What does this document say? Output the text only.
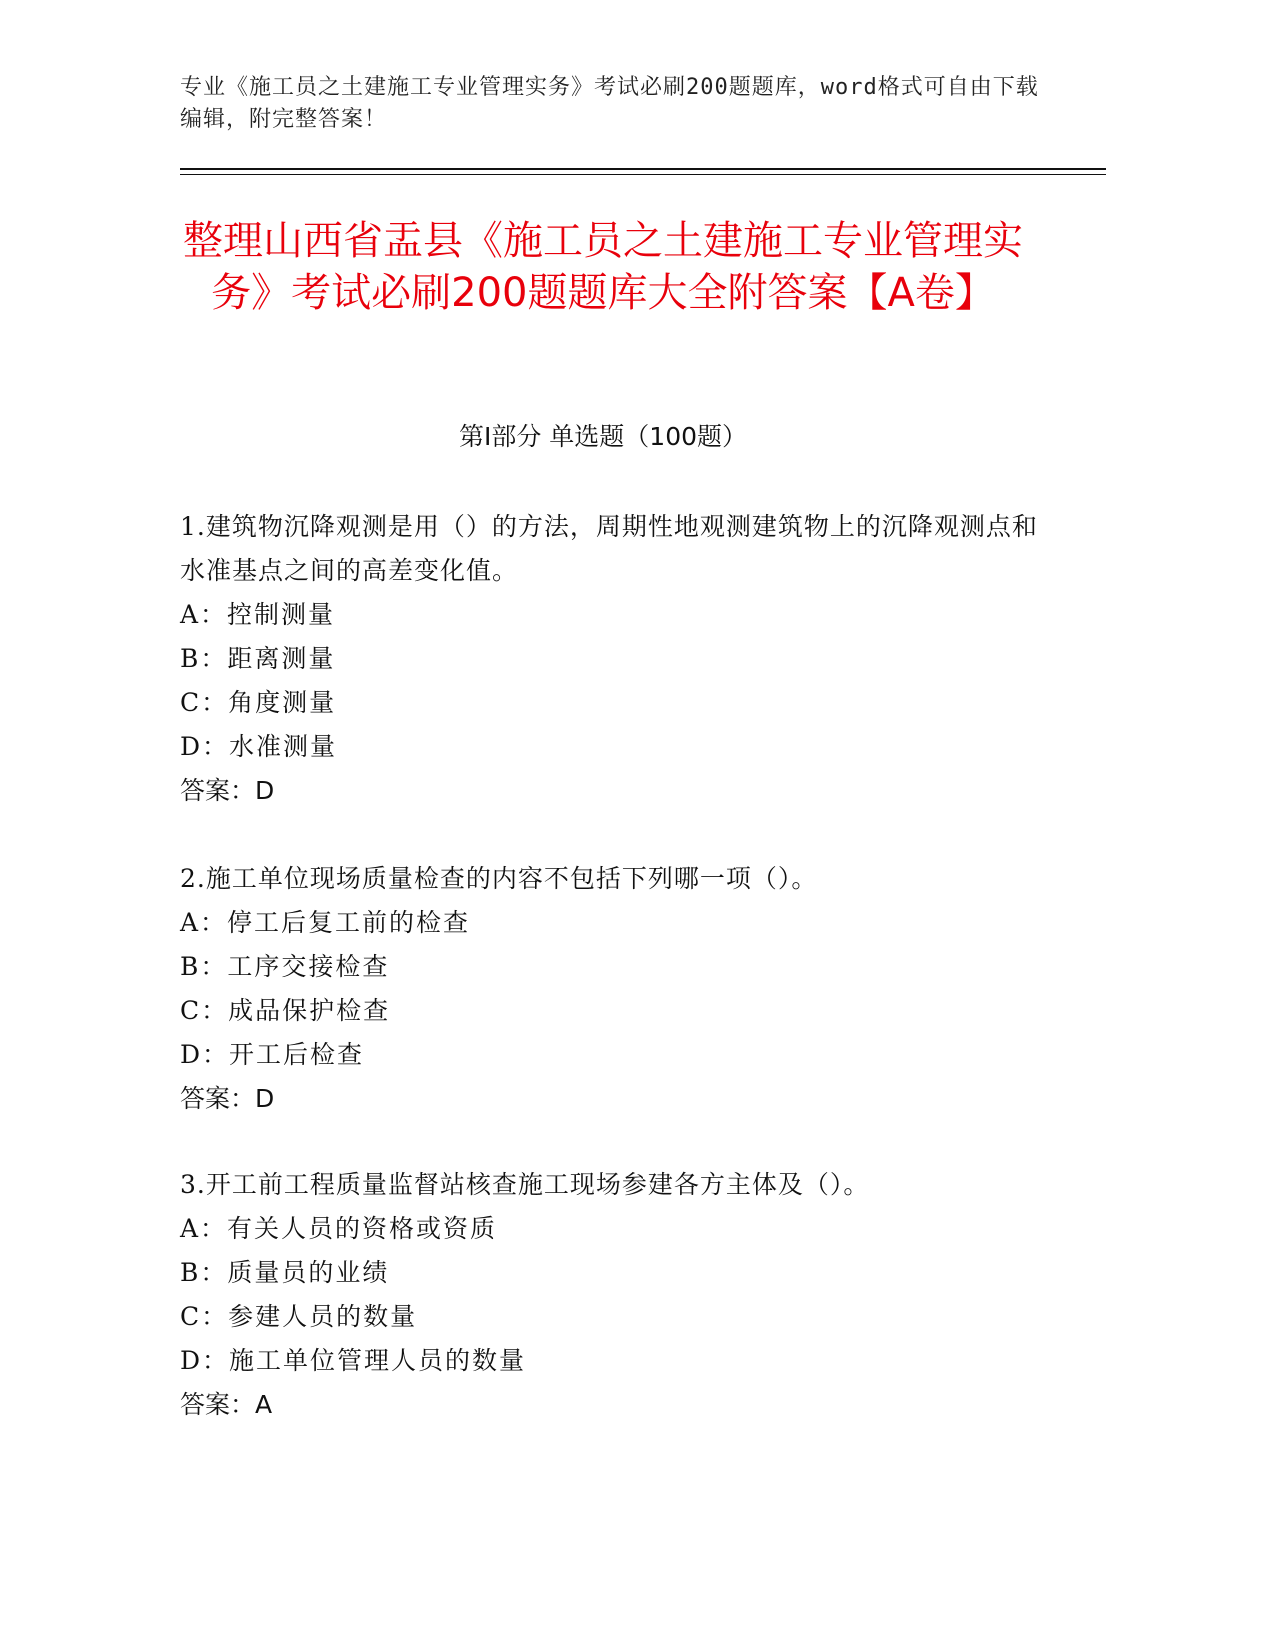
专业《施工员之土建施工专业管理实务》考试必刷200题题库，word格式可自由下载编辑，附完整答案！
整理山西省盂县《施工员之土建施工专业管理实务》考试必刷200题题库大全附答案【A卷】
第I部分 单选题（100题）
1.建筑物沉降观测是用（）的方法，周期性地观测建筑物上的沉降观测点和水准基点之间的高差变化值。
A：控制测量
B：距离测量
C：角度测量
D：水准测量
答案：D
2.施工单位现场质量检查的内容不包括下列哪一项（）。
A：停工后复工前的检查
B：工序交接检查
C：成品保护检查
D：开工后检查
答案：D
3.开工前工程质量监督站核查施工现场参建各方主体及（）。
A：有关人员的资格或资质
B：质量员的业绩
C：参建人员的数量
D：施工单位管理人员的数量
答案：A
